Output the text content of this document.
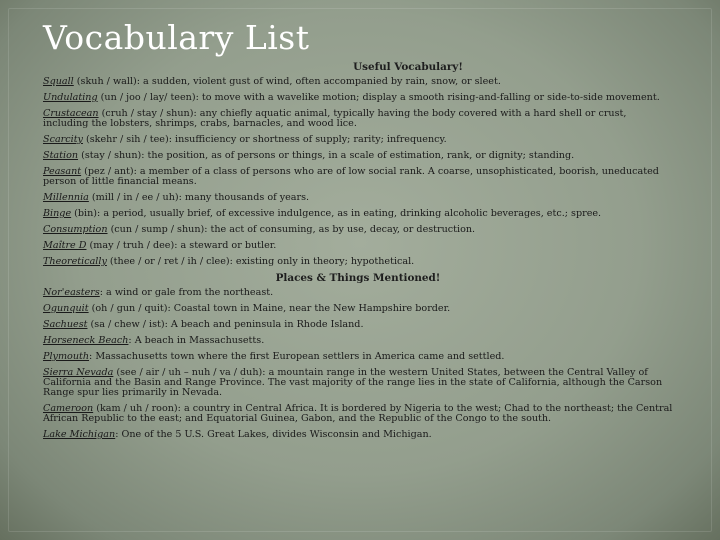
Vocabulary List
Useful Vocabulary!
Squall (skuh / wall): a sudden, violent gust of wind, often accompanied by rain, snow, or sleet.
Undulating (un / joo / lay/ teen): to move with a wavelike motion; display a smooth rising-and-falling or side-to-side movement.
Crustacean (cruh / stay / shun): any chiefly aquatic animal, typically having the body covered with a hard shell or crust, including the lobsters, shrimps, crabs, barnacles, and wood lice.
Scarcity (skehr / sih / tee): insufficiency or shortness of supply; rarity; infrequency.
Station (stay / shun): the position, as of persons or things, in a scale of estimation, rank, or dignity; standing.
Peasant (pez / ant): a member of a class of persons who are of low social rank. A coarse, unsophisticated, boorish, uneducated person of little financial means.
Millennia (mill / in / ee / uh): many thousands of years.
Binge (bin): a period, usually brief, of excessive indulgence, as in eating, drinking alcoholic beverages, etc.; spree.
Consumption (cun / sump / shun): the act of consuming, as by use, decay, or destruction.
Maître D (may / truh / dee): a steward or butler.
Theoretically (thee / or / ret / ih / clee): existing only in theory; hypothetical.
Places & Things Mentioned!
Nor'easters: a wind or gale from the northeast.
Ogunquit (oh / gun / quit): Coastal town in Maine, near the New Hampshire border.
Sachuest (sa / chew / ist): A beach and peninsula in Rhode Island.
Horseneck Beach: A beach in Massachusetts.
Plymouth: Massachusetts town where the first European settlers in America came and settled.
Sierra Nevada (see / air / uh – nuh / va / duh): a mountain range in the western United States, between the Central Valley of California and the Basin and Range Province. The vast majority of the range lies in the state of California, although the Carson Range spur lies primarily in Nevada.
Cameroon (kam / uh / roon): a country in Central Africa. It is bordered by Nigeria to the west; Chad to the northeast; the Central African Republic to the east; and Equatorial Guinea, Gabon, and the Republic of the Congo to the south.
Lake Michigan: One of the 5 U.S. Great Lakes, divides Wisconsin and Michigan.
